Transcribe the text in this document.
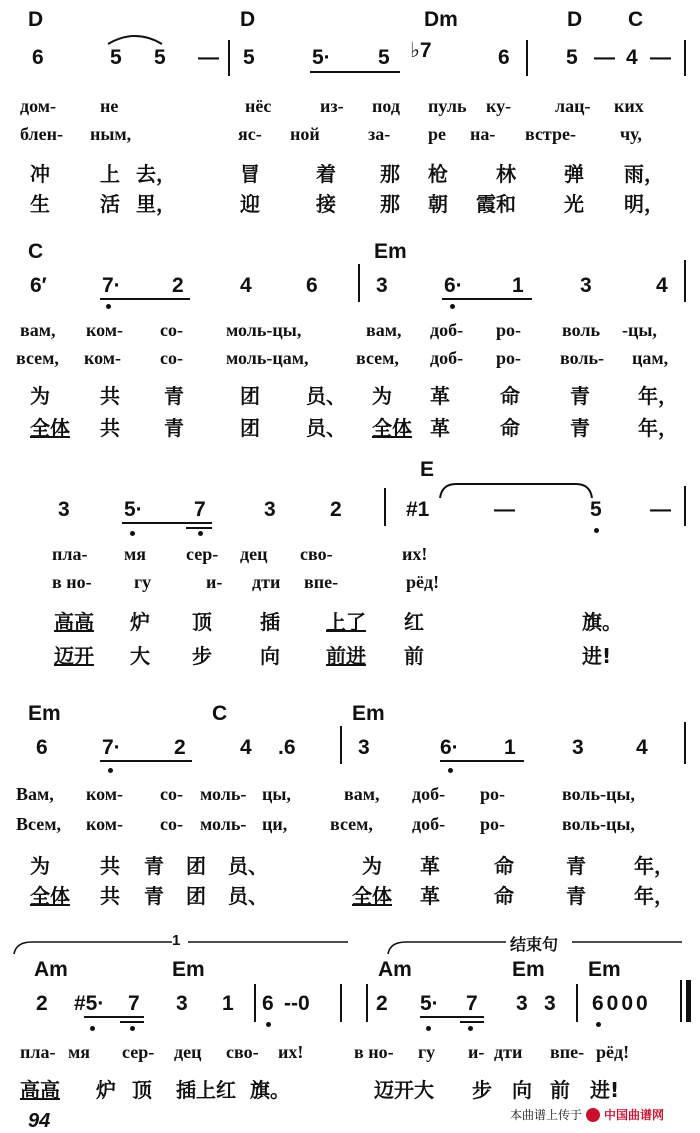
D	D	Dm	D C
6	5 5 — 5	5· 5 ♭7	6	5 — 4 —
дом- не	нёс	из- под пуль ку- лац- ких
блен- ным,	яс- ной	за- ре на- встре- чу,
冲	上 去，	冒	着 那 枪 林 弹 雨，
生	活 里，	迎	接 那 朝 霞和 光 明，
C	Em
6′	7· 2	4	6	3	6· 1	3	4
вам, ком- со- моль-цы,	вам, доб- ро- воль -цы,
всем, ком- со- моль-цам,	всем, доб- ро- воль- цам,
为	共 青	团 员、 为 革	命	青 年，
全体 共 青	团 员、 全体 革	命	青 年，
E
3	5· 7	3	2	#1	—	5 —
пла- мя сер- дец сво-	их!
в но- гу	и- дти впе-	рёд!
高高 炉 顶 插 上了 红	旗。
迈开 大 步 向 前进 前	进!
Em	C	Em
6	7·	2	4 .6	3	6· 1	3 4
Вам, ком- со- моль- цы,	вам, доб- ро-	воль-цы,
Всем, ком- со- моль- ци, всем, доб- ро-	воль-цы,
为	共 青 团 员、	为 革	命	青 年，
全体 共 青 团 员、	全体 革	命	青 年，
1	结束句
Am	Em	Am	Em Em
2 #5· 7 3 1 6 --0	2 5· 7 3 3 6000
пла- мя сер- дец сво- их!	в но- гу и- дти впе- рёд!
高高 炉 顶 插上红 旗。	迈开大 步 向 前 进!
94	本曲谱上传于 中国曲谱网
